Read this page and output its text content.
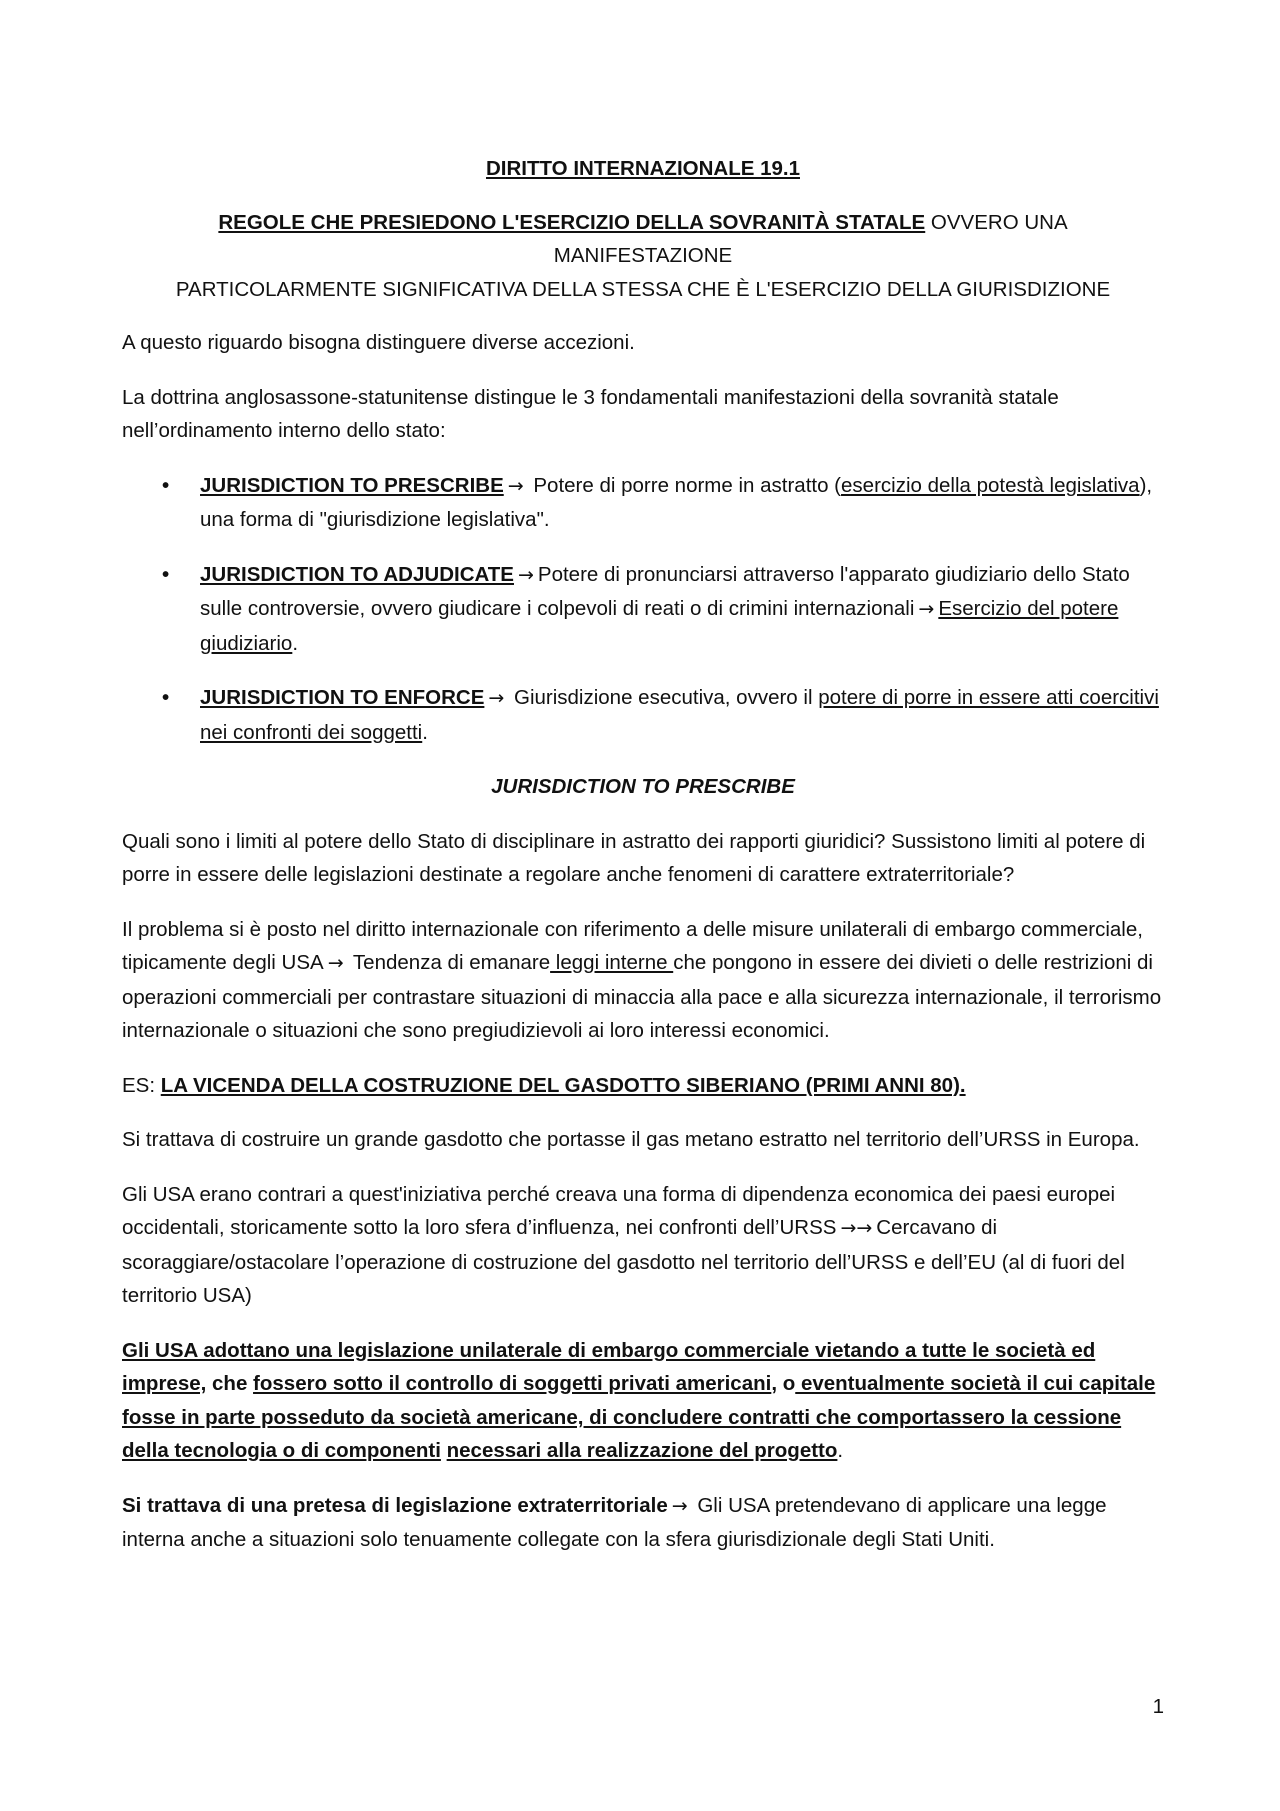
DIRITTO INTERNAZIONALE 19.1
REGOLE CHE PRESIEDONO L'ESERCIZIO DELLA SOVRANITÀ STATALE OVVERO UNA MANIFESTAZIONE
PARTICOLARMENTE SIGNIFICATIVA DELLA STESSA CHE È L'ESERCIZIO DELLA GIURISDIZIONE

A questo riguardo bisogna distinguere diverse accezioni.

La dottrina anglosassone-statunitense distingue le 3 fondamentali manifestazioni della sovranità statale nell’ordinamento interno dello stato:

• JURISDICTION TO PRESCRIBE → Potere di porre norme in astratto (esercizio della potestà legislativa), una forma di "giurisdizione legislativa".
• JURISDICTION TO ADJUDICATE → Potere di pronunciarsi attraverso l'apparato giudiziario dello Stato sulle controversie, ovvero giudicare i colpevoli di reati o di crimini internazionali → Esercizio del potere giudiziario.
• JURISDICTION TO ENFORCE → Giurisdizione esecutiva, ovvero il potere di porre in essere atti coercitivi nei confronti dei soggetti.
JURISDICTION TO PRESCRIBE

Quali sono i limiti al potere dello Stato di disciplinare in astratto dei rapporti giuridici? Sussistono limiti al potere di porre in essere delle legislazioni destinate a regolare anche fenomeni di carattere extraterritoriale?

Il problema si è posto nel diritto internazionale con riferimento a delle misure unilaterali di embargo commerciale, tipicamente degli USA → Tendenza di emanare leggi interne che pongono in essere dei divieti o delle restrizioni di operazioni commerciali per contrastare situazioni di minaccia alla pace e alla sicurezza internazionale, il terrorismo internazionale o situazioni che sono pregiudizievoli ai loro interessi economici.

ES: LA VICENDA DELLA COSTRUZIONE DEL GASDOTTO SIBERIANO (PRIMI ANNI 80).

Si trattava di costruire un grande gasdotto che portasse il gas metano estratto nel territorio dell’URSS in Europa.

Gli USA erano contrari a quest'iniziativa perché creava una forma di dipendenza economica dei paesi europei occidentali, storicamente sotto la loro sfera d’influenza, nei confronti dell’URSS →→ Cercavano di scoraggiare/ostacolare l’operazione di costruzione del gasdotto nel territorio dell’URSS e dell’EU (al di fuori del territorio USA)

Gli USA adottano una legislazione unilaterale di embargo commerciale vietando a tutte le società ed imprese, che fossero sotto il controllo di soggetti privati americani, o eventualmente società il cui capitale fosse in parte posseduto da società americane, di concludere contratti che comportassero la cessione della tecnologia o di componenti necessari alla realizzazione del progetto.

Si trattava di una pretesa di legislazione extraterritoriale → Gli USA pretendevano di applicare una legge interna anche a situazioni solo tenuamente collegate con la sfera giurisdizionale degli Stati Uniti.

1
